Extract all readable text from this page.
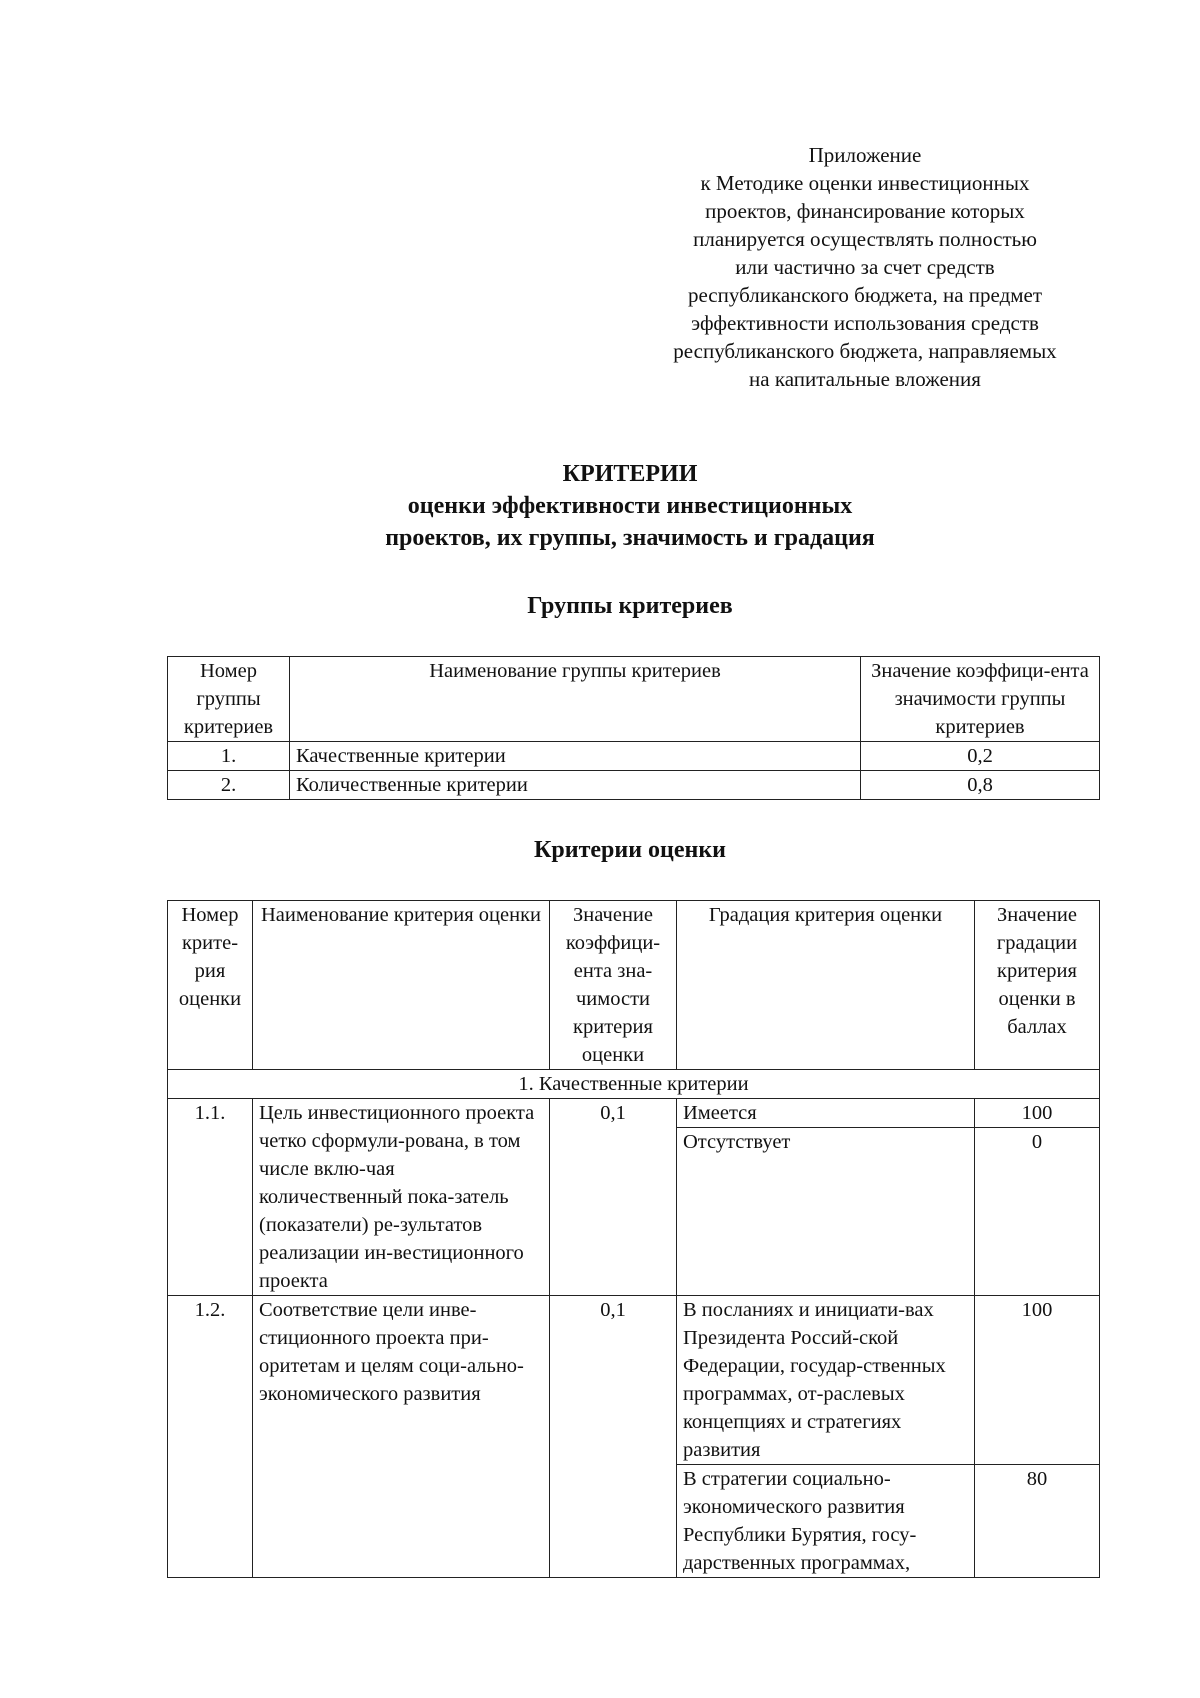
Приложение
к Методике оценки инвестиционных
проектов, финансирование которых
планируется осуществлять полностью
или частично за счет средств
республиканского бюджета, на предмет
эффективности использования средств
республиканского бюджета, направляемых
на капитальные вложения
КРИТЕРИИ
оценки эффективности инвестиционных
проектов, их группы, значимость и градация
Группы критериев
Номер группы критериев	Наименование группы критериев	Значение коэффици-ента значимости группы критериев
1.	Качественные критерии	0,2
2.	Количественные критерии	0,8
Критерии оценки
Номер крите-рия оценки	Наименование критерия оценки	Значение коэффици-ента зна-чимости критерия оценки	Градация критерия оценки	Значение градации критерия оценки в баллах
1. Качественные критерии				
1.1.	Цель инвестиционного проекта четко сформули-рована, в том числе вклю-чая количественный пока-затель (показатели) ре-зультатов реализации ин-вестиционного проекта	0,1	Имеется	100
			Отсутствует	0
1.2.	Соответствие цели инве-стиционного проекта при-оритетам и целям соци-ально-экономического развития	0,1	В посланиях и инициати-вах Президента Россий-ской Федерации, государ-ственных программах, от-раслевых концепциях и стратегиях развития	100
			В стратегии социально-экономического развития Республики Бурятия, госу-дарственных программах,	80
